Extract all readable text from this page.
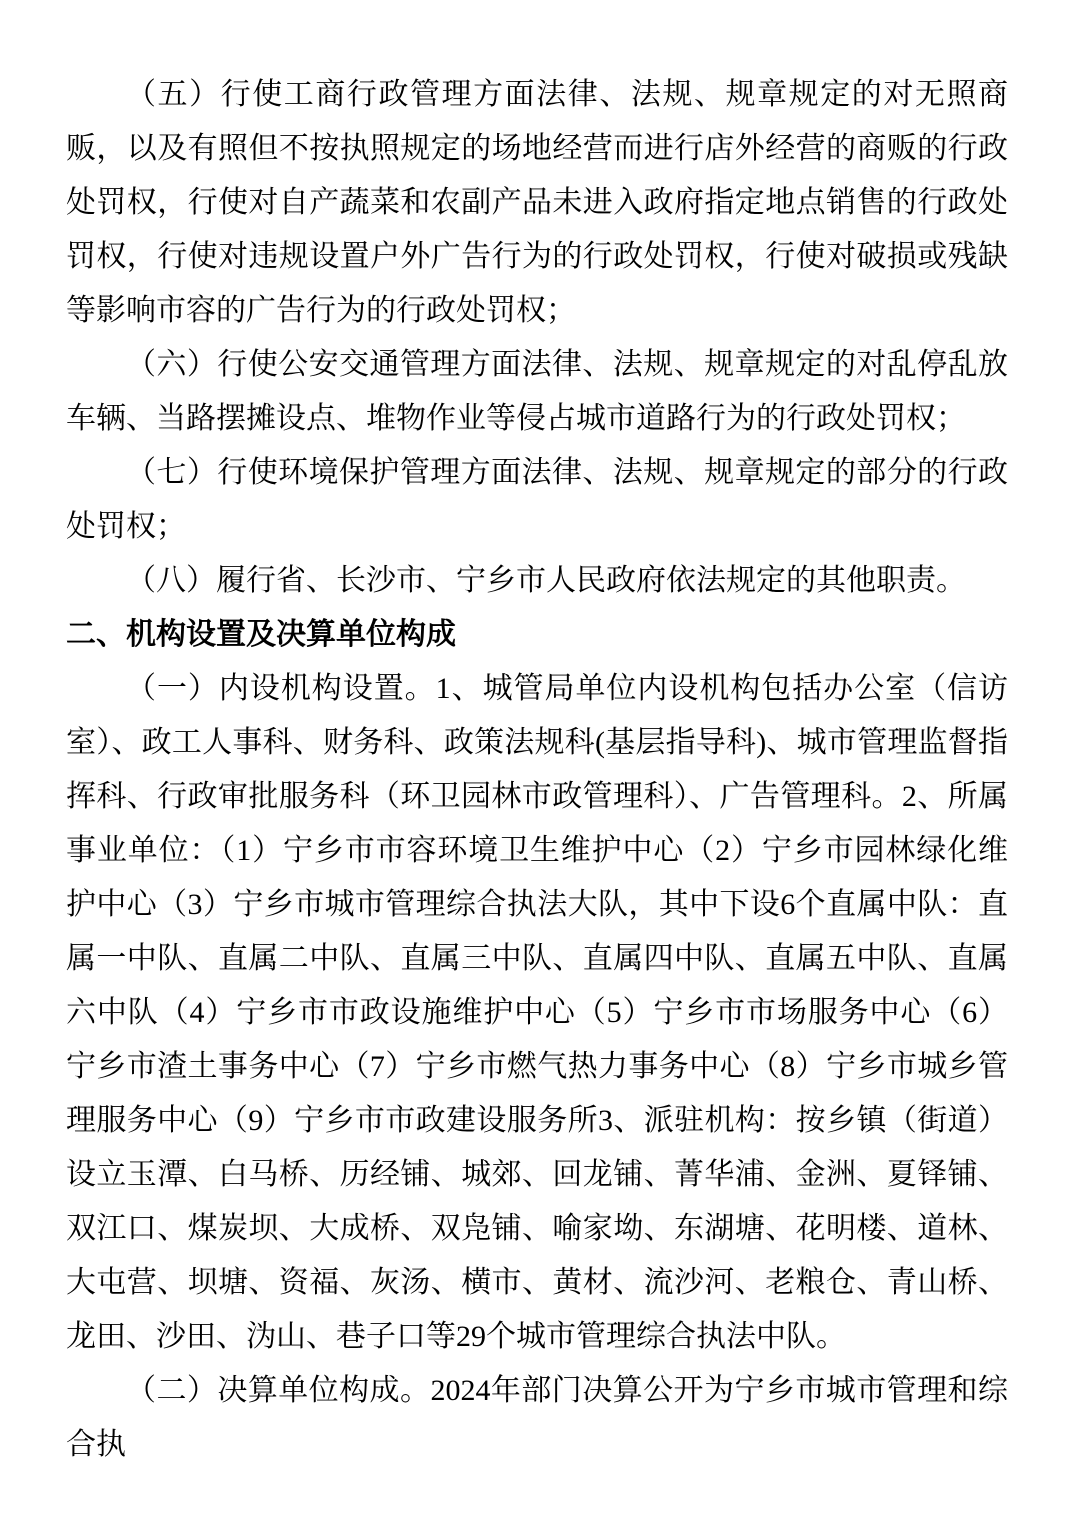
（五）行使工商行政管理方面法律、法规、规章规定的对无照商贩，以及有照但不按执照规定的场地经营而进行店外经营的商贩的行政处罚权，行使对自产蔬菜和农副产品未进入政府指定地点销售的行政处罚权，行使对违规设置户外广告行为的行政处罚权，行使对破损或残缺等影响市容的广告行为的行政处罚权；

（六）行使公安交通管理方面法律、法规、规章规定的对乱停乱放车辆、当路摆摊设点、堆物作业等侵占城市道路行为的行政处罚权；

（七）行使环境保护管理方面法律、法规、规章规定的部分的行政处罚权；

（八）履行省、长沙市、宁乡市人民政府依法规定的其他职责。

二、机构设置及决算单位构成

（一）内设机构设置。1、城管局单位内设机构包括办公室（信访室）、政工人事科、财务科、政策法规科(基层指导科)、城市管理监督指挥科、行政审批服务科（环卫园林市政管理科）、广告管理科。2、所属事业单位：（1）宁乡市市容环境卫生维护中心（2）宁乡市园林绿化维护中心（3）宁乡市城市管理综合执法大队，其中下设6个直属中队：直属一中队、直属二中队、直属三中队、直属四中队、直属五中队、直属六中队（4）宁乡市市政设施维护中心（5）宁乡市市场服务中心（6）宁乡市渣土事务中心（7）宁乡市燃气热力事务中心（8）宁乡市城乡管理服务中心（9）宁乡市市政建设服务所3、派驻机构：按乡镇（街道）设立玉潭、白马桥、历经铺、城郊、回龙铺、菁华浦、金洲、夏铎铺、双江口、煤炭坝、大成桥、双凫铺、喻家坳、东湖塘、花明楼、道林、大屯营、坝塘、资福、灰汤、横市、黄材、流沙河、老粮仓、青山桥、龙田、沙田、沩山、巷子口等29个城市管理综合执法中队。

（二）决算单位构成。2024年部门决算公开为宁乡市城市管理和综合执
